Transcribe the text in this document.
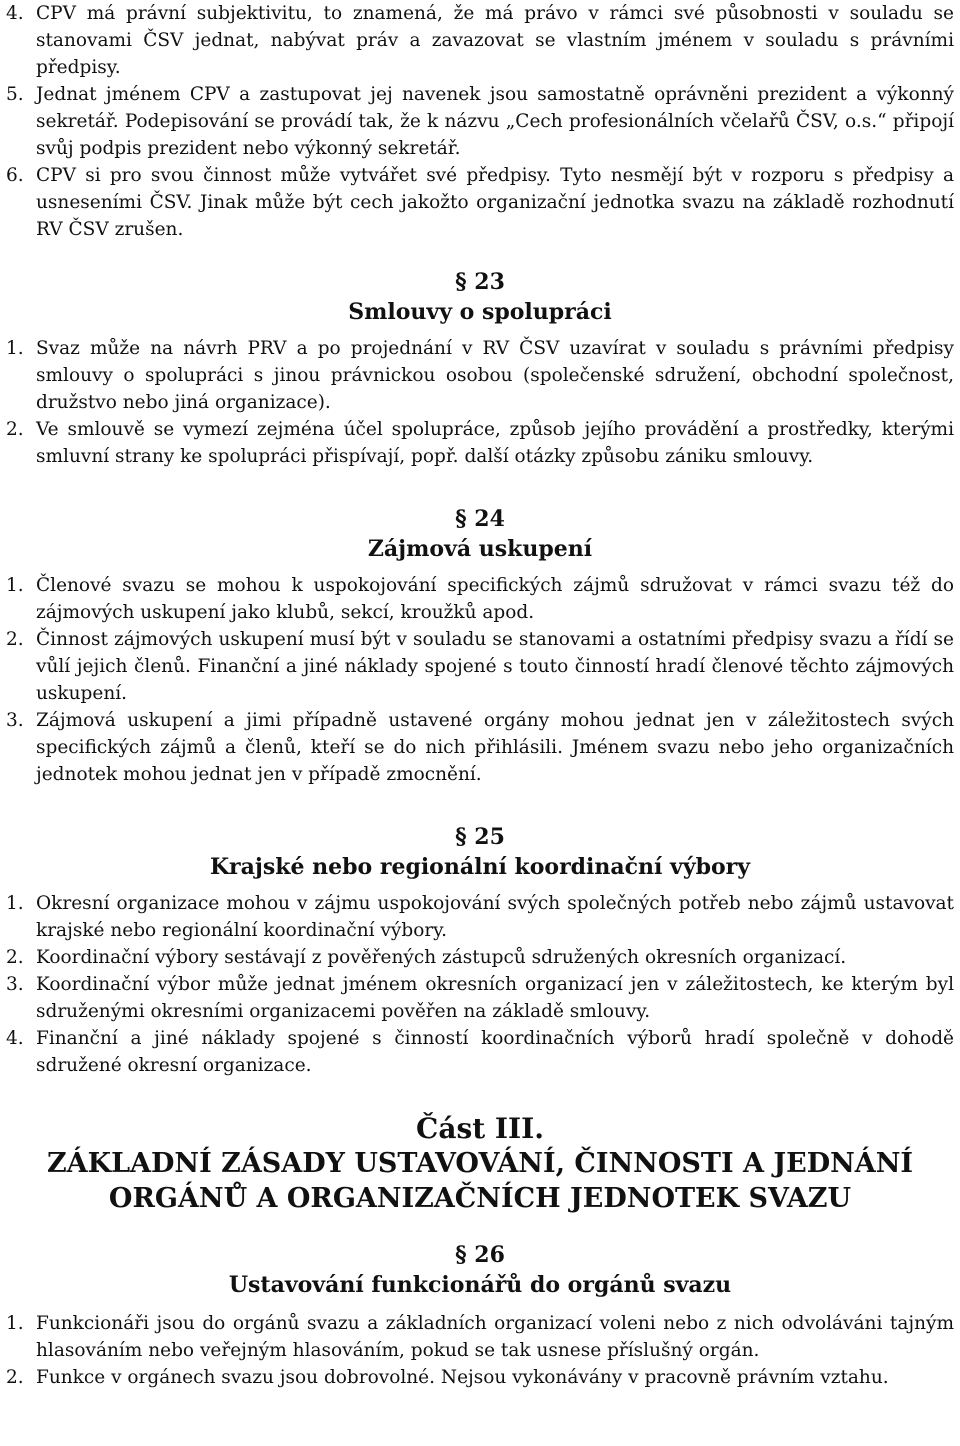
4. CPV má právní subjektivitu, to znamená, že má právo v rámci své působnosti v souladu se stanovami ČSV jednat, nabývat práv a zavazovat se vlastním jménem v souladu s právními předpisy.
5. Jednat jménem CPV a zastupovat jej navenek jsou samostatně oprávněni prezident a výkonný sekretář. Podepisování se provádí tak, že k názvu „Cech profesionálních včelařů ČSV, o.s.“ připojí svůj podpis prezident nebo výkonný sekretář.
6. CPV si pro svou činnost může vytvářet své předpisy. Tyto nesmějí být v rozporu s předpisy a usneseními ČSV. Jinak může být cech jakožto organizační jednotka svazu na základě rozhodnutí RV ČSV zrušen.
§ 23
Smlouvy o spolupráci
1. Svaz může na návrh PRV a po projednání v RV ČSV uzavírat v souladu s právními předpisy smlouvy o spolupráci s jinou právnickou osobou (společenské sdružení, obchodní společnost, družstvo nebo jiná organizace).
2. Ve smlouvě se vymezí zejména účel spolupráce, způsob jejího provádění a prostředky, kterými smluvní strany ke spolupráci přispívají, popř. další otázky způsobu zániku smlouvy.
§ 24
Zájmová uskupení
1. Členové svazu se mohou k uspokojování specifických zájmů sdružovat v rámci svazu též do zájmových uskupení jako klubů, sekcí, kroužků apod.
2. Činnost zájmových uskupení musí být v souladu se stanovami a ostatními předpisy svazu a řídí se vůlí jejich členů. Finanční a jiné náklady spojené s touto činností hradí členové těchto zájmových uskupení.
3. Zájmová uskupení a jimi případně ustavené orgány mohou jednat jen v záležitostech svých specifických zájmů a členů, kteří se do nich přihlásili. Jménem svazu nebo jeho organizačních jednotek mohou jednat jen v případě zmocnění.
§ 25
Krajské nebo regionální koordinační výbory
1. Okresní organizace mohou v zájmu uspokojování svých společných potřeb nebo zájmů ustavovat krajské nebo regionální koordinační výbory.
2. Koordinační výbory sestávají z pověřených zástupců sdružených okresních organizací.
3. Koordinační výbor může jednat jménem okresních organizací jen v záležitostech, ke kterým byl sdruženými okresními organizacemi pověřen na základě smlouvy.
4. Finanční a jiné náklady spojené s činností koordinačních výborů hradí společně v dohodě sdružené okresní organizace.
Část III.
ZÁKLADNÍ ZÁSADY USTAVOVÁNÍ, ČINNOSTI A JEDNÁNÍ
ORGÁNŮ A ORGANIZAČNÍCH JEDNOTEK SVAZU
§ 26
Ustavování funkcionářů do orgánů svazu
1. Funkcionáři jsou do orgánů svazu a základních organizací voleni nebo z nich odvoláváni tajným hlasováním nebo veřejným hlasováním, pokud se tak usnese příslušný orgán.
2. Funkce v orgánech svazu jsou dobrovolné. Nejsou vykonávány v pracovně právním vztahu.
